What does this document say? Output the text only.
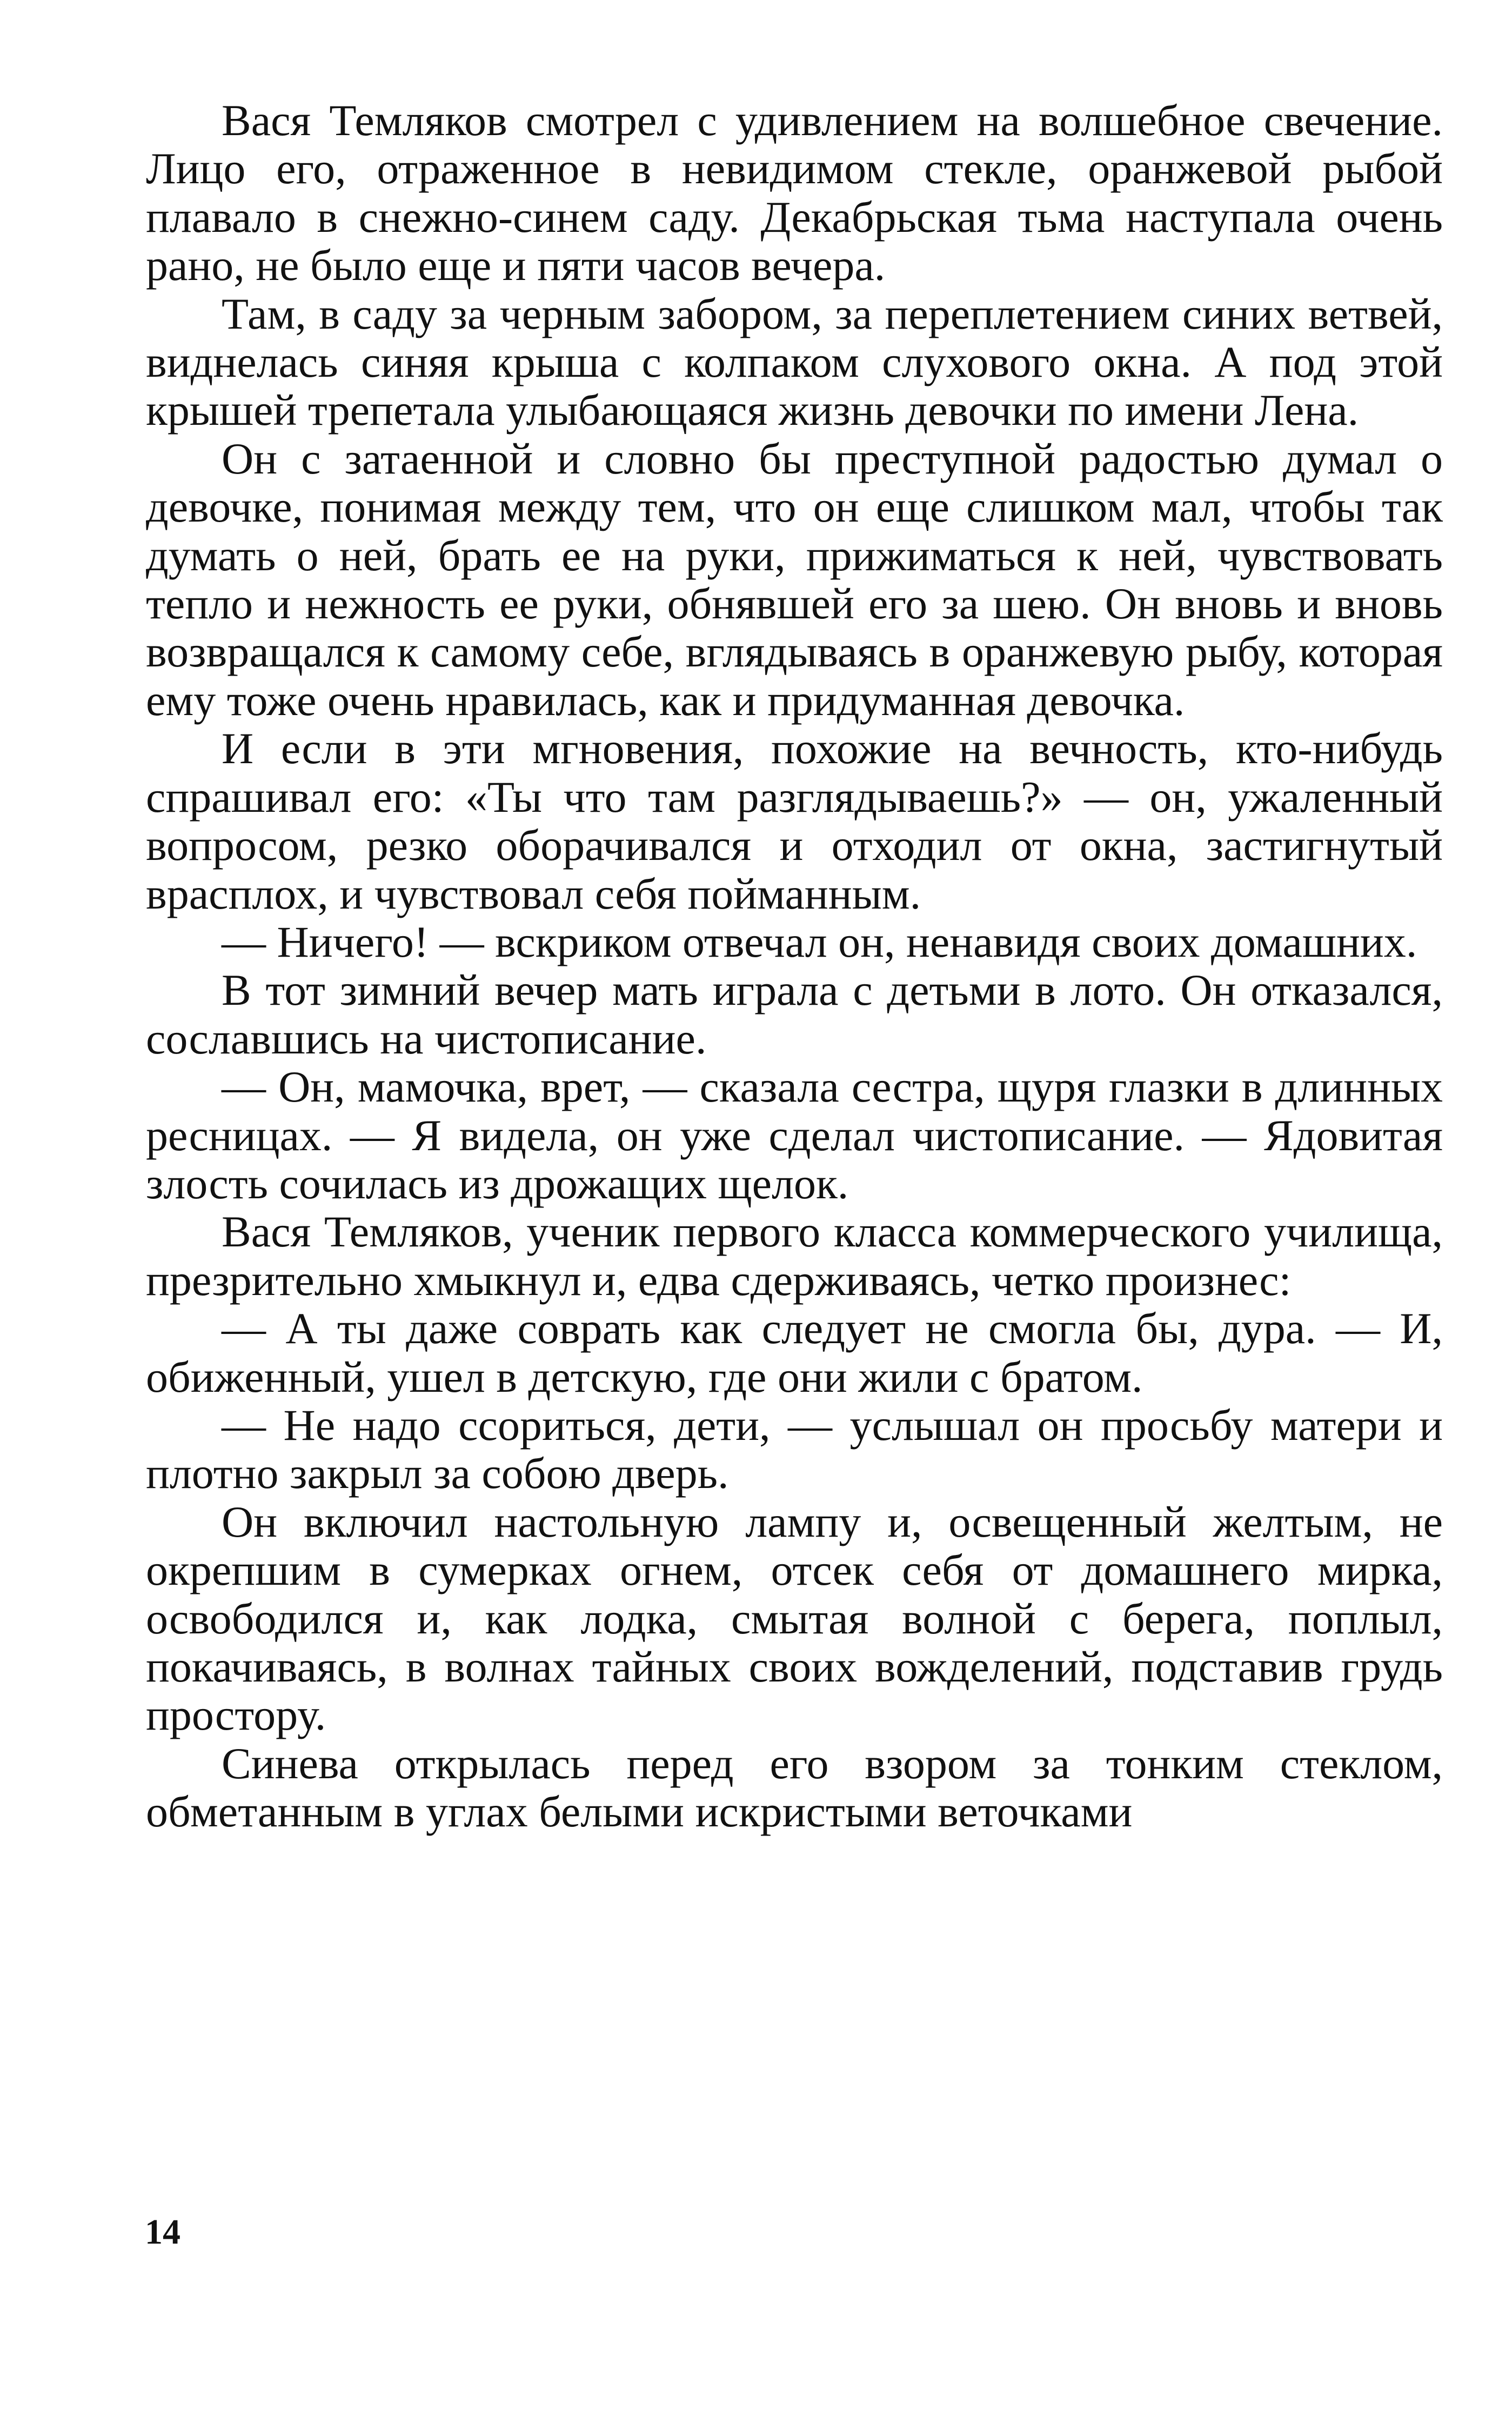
Вася Темляков смотрел с удивлением на волшебное свечение. Лицо его, отраженное в невидимом стекле, оранжевой рыбой плавало в снежно-синем саду. Декабрьская тьма наступала очень рано, не было еще и пяти часов вечера.

Там, в саду за черным забором, за переплетением синих ветвей, виднелась синяя крыша с колпаком слухового окна. А под этой крышей трепетала улыбающаяся жизнь девочки по имени Лена.

Он с затаенной и словно бы преступной радостью думал о девочке, понимая между тем, что он еще слишком мал, чтобы так думать о ней, брать ее на руки, прижиматься к ней, чувствовать тепло и нежность ее руки, обнявшей его за шею. Он вновь и вновь возвращался к самому себе, вглядываясь в оранжевую рыбу, которая ему тоже очень нравилась, как и придуманная девочка.

И если в эти мгновения, похожие на вечность, кто-нибудь спрашивал его: «Ты что там разглядываешь?» — он, ужаленный вопросом, резко оборачивался и отходил от окна, застигнутый врасплох, и чувствовал себя пойманным.

— Ничего! — вскриком отвечал он, ненавидя своих домашних.

В тот зимний вечер мать играла с детьми в лото. Он отказался, сославшись на чистописание.

— Он, мамочка, врет, — сказала сестра, щуря глазки в длинных ресницах. — Я видела, он уже сделал чистописание. — Ядовитая злость сочилась из дрожащих щелок.

Вася Темляков, ученик первого класса коммерческого училища, презрительно хмыкнул и, едва сдерживаясь, четко произнес:

— А ты даже соврать как следует не смогла бы, дура. — И, обиженный, ушел в детскую, где они жили с братом.

— Не надо ссориться, дети, — услышал он просьбу матери и плотно закрыл за собою дверь.

Он включил настольную лампу и, освещенный желтым, не окрепшим в сумерках огнем, отсек себя от домашнего мирка, освободился и, как лодка, смытая волной с берега, поплыл, покачиваясь, в волнах тайных своих вожделений, подставив грудь простору.

Синева открылась перед его взором за тонким стеклом, обметанным в углах белыми искристыми веточками

14
